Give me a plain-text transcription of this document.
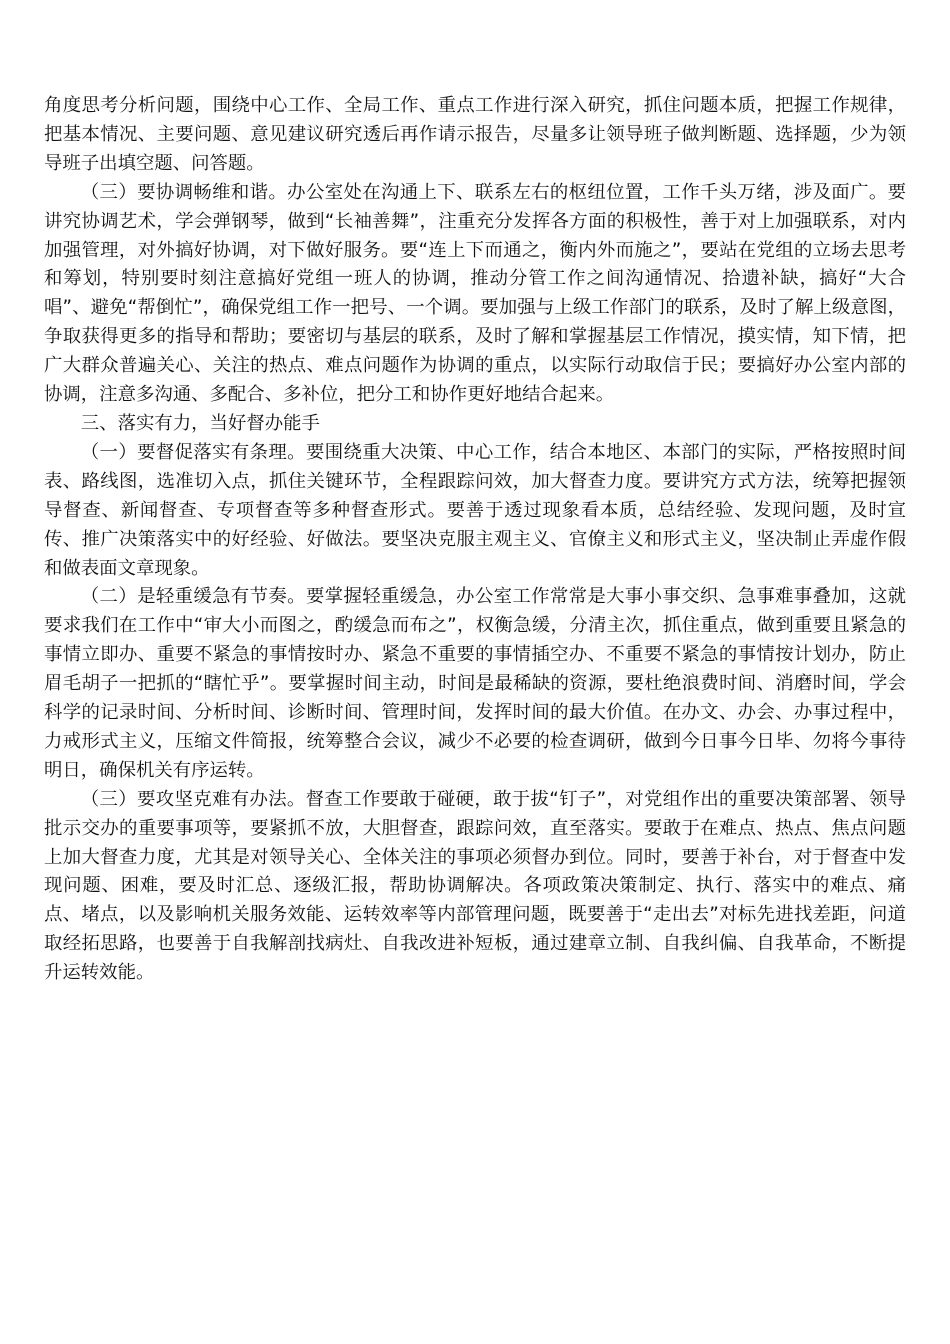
角度思考分析问题，围绕中心工作、全局工作、重点工作进行深入研究，抓住问题本质，把握工作规律，把基本情况、主要问题、意见建议研究透后再作请示报告，尽量多让领导班子做判断题、选择题，少为领导班子出填空题、问答题。

（三）要协调畅维和谐。办公室处在沟通上下、联系左右的枢纽位置，工作千头万绪，涉及面广。要讲究协调艺术，学会弹钢琴，做到“长袖善舞”，注重充分发挥各方面的积极性，善于对上加强联系，对内加强管理，对外搞好协调，对下做好服务。要“连上下而通之，衡内外而施之”，要站在党组的立场去思考和筹划，特别要时刻注意搞好党组一班人的协调，推动分管工作之间沟通情况、拾遗补缺，搞好“大合唱”、避免“帮倒忙”，确保党组工作一把号、一个调。要加强与上级工作部门的联系，及时了解上级意图，争取获得更多的指导和帮助；要密切与基层的联系，及时了解和掌握基层工作情况，摸实情，知下情，把广大群众普遍关心、关注的热点、难点问题作为协调的重点，以实际行动取信于民；要搞好办公室内部的协调，注意多沟通、多配合、多补位，把分工和协作更好地结合起来。

三、落实有力，当好督办能手

（一）要督促落实有条理。要围绕重大决策、中心工作，结合本地区、本部门的实际，严格按照时间表、路线图，选准切入点，抓住关键环节，全程跟踪问效，加大督查力度。要讲究方式方法，统筹把握领导督查、新闻督查、专项督查等多种督查形式。要善于透过现象看本质，总结经验、发现问题，及时宣传、推广决策落实中的好经验、好做法。要坚决克服主观主义、官僚主义和形式主义，坚决制止弄虚作假和做表面文章现象。

（二）是轻重缓急有节奏。要掌握轻重缓急，办公室工作常常是大事小事交织、急事难事叠加，这就要求我们在工作中“审大小而图之，酌缓急而布之”，权衡急缓，分清主次，抓住重点，做到重要且紧急的事情立即办、重要不紧急的事情按时办、紧急不重要的事情插空办、不重要不紧急的事情按计划办，防止眉毛胡子一把抓的“瞎忙乎”。要掌握时间主动，时间是最稀缺的资源，要杜绝浪费时间、消磨时间，学会科学的记录时间、分析时间、诊断时间、管理时间，发挥时间的最大价值。在办文、办会、办事过程中，力戒形式主义，压缩文件简报，统筹整合会议，减少不必要的检查调研，做到今日事今日毕、勿将今事待明日，确保机关有序运转。

（三）要攻坚克难有办法。督查工作要敢于碰硬，敢于拔“钉子”，对党组作出的重要决策部署、领导批示交办的重要事项等，要紧抓不放，大胆督查，跟踪问效，直至落实。要敢于在难点、热点、焦点问题上加大督查力度，尤其是对领导关心、全体关注的事项必须督办到位。同时，要善于补台，对于督查中发现问题、困难，要及时汇总、逐级汇报，帮助协调解决。各项政策决策制定、执行、落实中的难点、痛点、堵点，以及影响机关服务效能、运转效率等内部管理问题，既要善于“走出去”对标先进找差距，问道取经拓思路，也要善于自我解剖找病灶、自我改进补短板，通过建章立制、自我纠偏、自我革命，不断提升运转效能。
